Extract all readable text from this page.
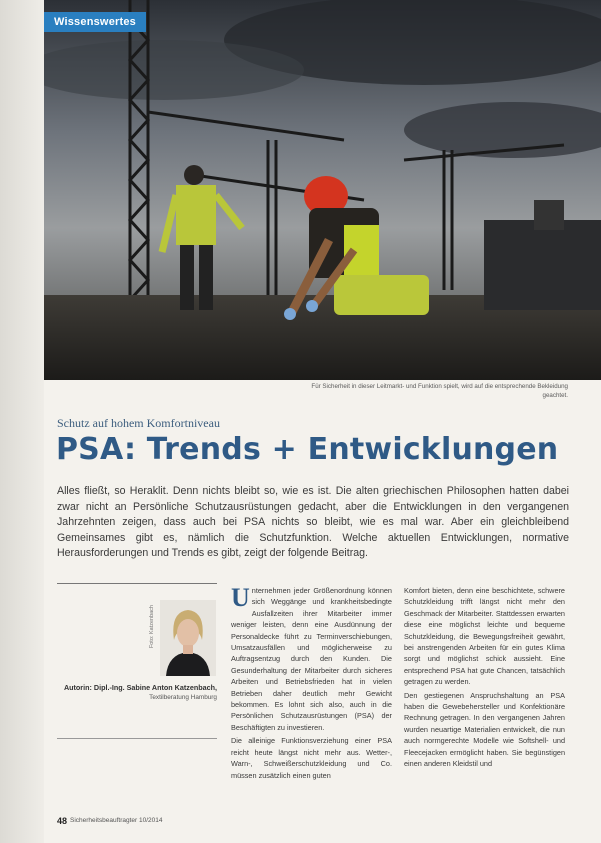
Wissenswertes
Für Sicherheit in dieser Leitmarkt- und Funktion spielt, wird auf die entsprechende Bekleidung geachtet.
Schutz auf hohem Komfortniveau
PSA: Trends + Entwicklungen
Alles fließt, so Heraklit. Denn nichts bleibt so, wie es ist. Die alten griechischen Philosophen hatten dabei zwar nicht an Persönliche Schutzausrüstungen gedacht, aber die Entwicklungen in den vergangenen Jahrzehnten zeigen, dass auch bei PSA nichts so bleibt, wie es mal war. Aber ein gleichbleibend Gemeinsames gibt es, nämlich die Schutzfunktion. Welche aktuellen Entwicklungen, normative Herausforderungen und Trends es gibt, zeigt der folgende Beitrag.
Foto: Katzenbach
Autorin: Dipl.-Ing. Sabine Anton Katzenbach,
Textilberatung Hamburg

Unternehmen jeder Größenordnung können sich Weggänge und krankheitsbedingte Ausfallzeiten ihrer Mitarbeiter immer weniger leisten, denn eine Ausdünnung der Personaldecke führt zu Terminverschiebungen, Umsatzausfällen und möglicherweise zu Auftragsentzug durch den Kunden. Die Gesunderhaltung der Mitarbeiter durch sicheres Arbeiten und Betriebsfrieden hat in vielen Betrieben daher deutlich mehr Gewicht bekommen. Es lohnt sich also, auch in die Persönlichen Schutzausrüstungen (PSA) der Beschäftigten zu investieren.

Die alleinige Funktionsverziehung einer PSA reicht heute längst nicht mehr aus. Wetter-, Warn-, Schweißerschutzkleidung und Co. müssen zusätzlich einen guten

Komfort bieten, denn eine beschichtete, schwere Schutzkleidung trifft längst nicht mehr den Geschmack der Mitarbeiter. Stattdessen erwarten diese eine möglichst leichte und bequeme Schutzkleidung, die Bewegungsfreiheit gewährt, bei anstrengenden Arbeiten für ein gutes Klima sorgt und möglichst schick aussieht. Eine entsprechend PSA hat gute Chancen, tatsächlich getragen zu werden.

Den gestiegenen Anspruchshaltung an PSA haben die Gewebehersteller und Konfektionäre Rechnung getragen. In den vergangenen Jahren wurden neuartige Materialien entwickelt, die nun auch normgerechte Modelle wie Softshell- und Fleecejacken ermöglicht haben. Sie begünstigen einen anderen Kleidstil und

48 Sicherheitsbeauftragter 10/2014
